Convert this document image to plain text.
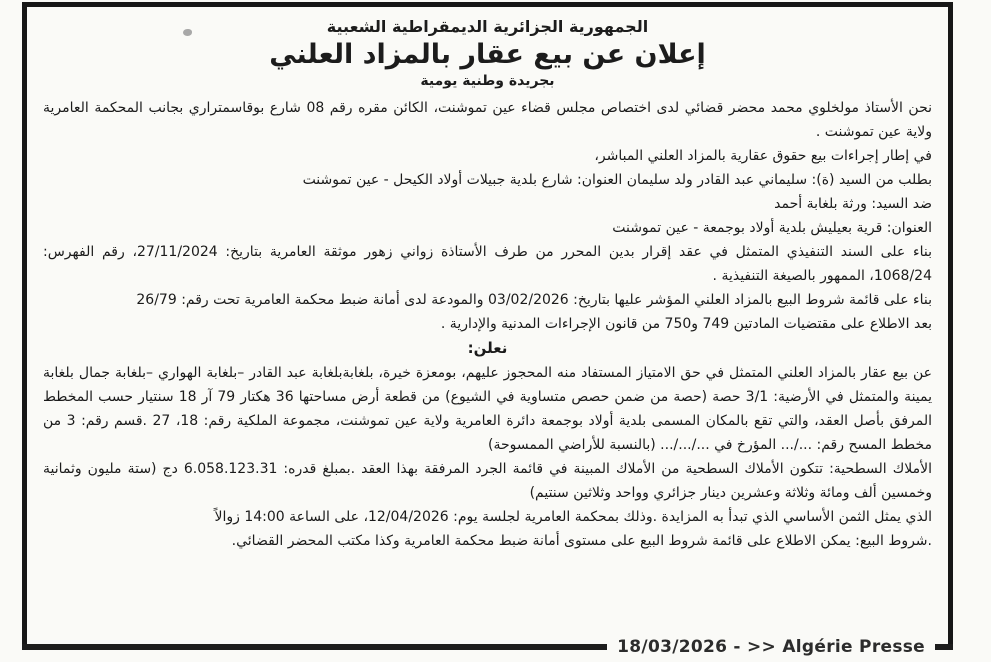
الجمهورية الجزائرية الديمقراطية الشعبية
إعلان عن بيع عقار بالمزاد العلني
بجريدة وطنية يومية

نحن الأستاذ مولخلوي محمد محضر قضائي لدى اختصاص مجلس قضاء عين تموشنت، الكائن مقره رقم 08 شارع بوقاسمتراري بجانب المحكمة العامرية ولاية عين تموشنت .

في إطار إجراءات بيع حقوق عقارية بالمزاد العلني المباشر،

بطلب من السيد (ة): سليماني عبد القادر ولد سليمان العنوان: شارع بلدية جبيلات أولاد الكيحل - عين تموشنت

ضد السيد: ورثة بلغابة أحمد

العنوان: قرية بعيليش بلدية أولاد بوجمعة - عين تموشنت

بناء على السند التنفيذي المتمثل في عقد إقرار بدين المحرر من طرف الأستاذة زواني زهور موثقة العامرية بتاريخ: 27/11/2024، رقم الفهرس: 1068/24، الممهور بالصيغة التنفيذية .

بناء على قائمة شروط البيع بالمزاد العلني المؤشر عليها بتاريخ: 03/02/2026 والمودعة لدى أمانة ضبط محكمة العامرية تحت رقم: 26/79

بعد الاطلاع على مقتضيات المادتين 749 و750 من قانون الإجراءات المدنية والإدارية .

نعلن:

عن بيع عقار بالمزاد العلني المتمثل في حق الامتياز المستفاد منه المحجوز عليهم، بومعزة خيرة، بلغابةبلغابة عبد القادر –بلغابة الهواري –بلغابة جمال بلغابة يمينة والمتمثل في الأرضية: 3/1 حصة (حصة من ضمن حصص متساوية في الشيوع) من قطعة أرض مساحتها 36 هكتار 79 آر 18 سنتيار حسب المخطط المرفق بأصل العقد، والتي تقع بالمكان المسمى بلدية أولاد بوجمعة دائرة العامرية ولاية عين تموشنت، مجموعة الملكية رقم: 18، 27 .قسم رقم: 3 من مخطط المسح رقم: .../... المؤرخ في .../.../... (بالنسبة للأراضي الممسوحة)

الأملاك السطحية: تتكون الأملاك السطحية من الأملاك المبينة في قائمة الجرد المرفقة بهذا العقد .بمبلغ قدره: 6.058.123.31 دج (ستة مليون وثمانية وخمسين ألف ومائة وثلاثة وعشرين دينار جزائري وواحد وثلاثين سنتيم)

الذي يمثل الثمن الأساسي الذي تبدأ به المزايدة .وذلك بمحكمة العامرية لجلسة يوم: 12/04/2026، على الساعة 14:00 زوالاً

.شروط البيع: يمكن الاطلاع على قائمة شروط البيع على مستوى أمانة ضبط محكمة العامرية وكذا مكتب المحضر القضائي.

18/03/2026 - >> Algérie Presse
